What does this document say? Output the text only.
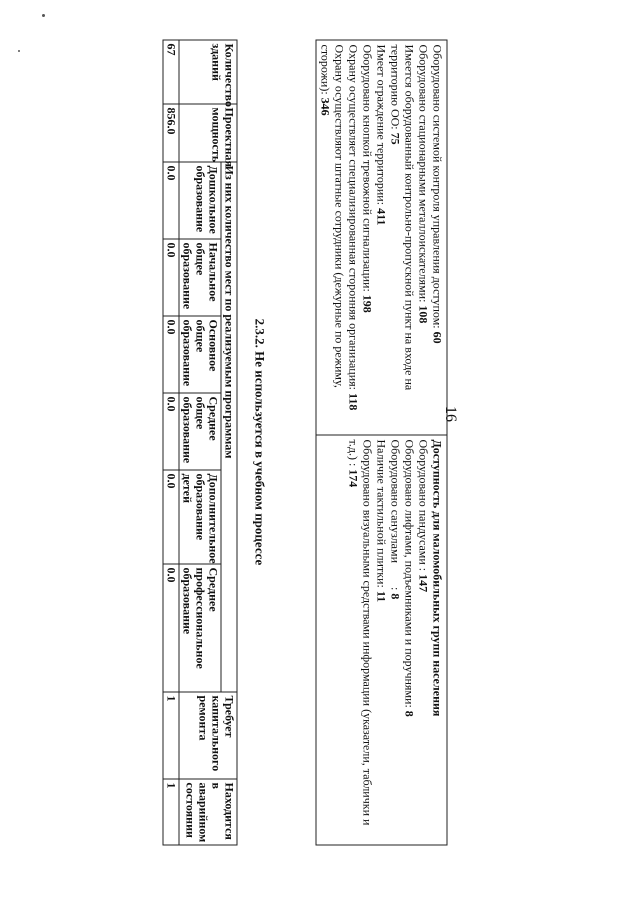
16

Оборудовано системой контроля управления доступом: 60

Оборудовано стационарными металлоискателями: 108

Имеется оборудованный контрольно-пропускной пункт на входе на территорию ОО: 75

Имеет ограждение территории: 411

Оборудовано кнопкой тревожной сигнализации: 198

Охрану осуществляет специализированная сторонняя организация: 118

Охрану осуществляют штатные сотрудники (дежурные по режиму, сторожи): 346

Доступность для маломобильных групп населения

Оборудовано пандусами : 147

Оборудовано лифтами, подъемниками и поручнями: 8

Оборудовано санузлами        : 8

Наличие тактильной плитки: 11

Оборудовано визуальными средствами информации (указатели, таблички и т.д.) : 174

2.3.2. Не используется в учебном процессе
Количество зданий	Проектная мощность	Из них количество мест по реализуемым программам						Требует капитального ремонта	Находится в аварийном состоянии
		Дошкольное образование	Начальное общее образование	Основное общее образование	Среднее общее образование	Дополнительное образование детей	Среднее профессиональное образование		
67	856.0	0.0	0.0	0.0	0.0	0.0	0.0	1	1
